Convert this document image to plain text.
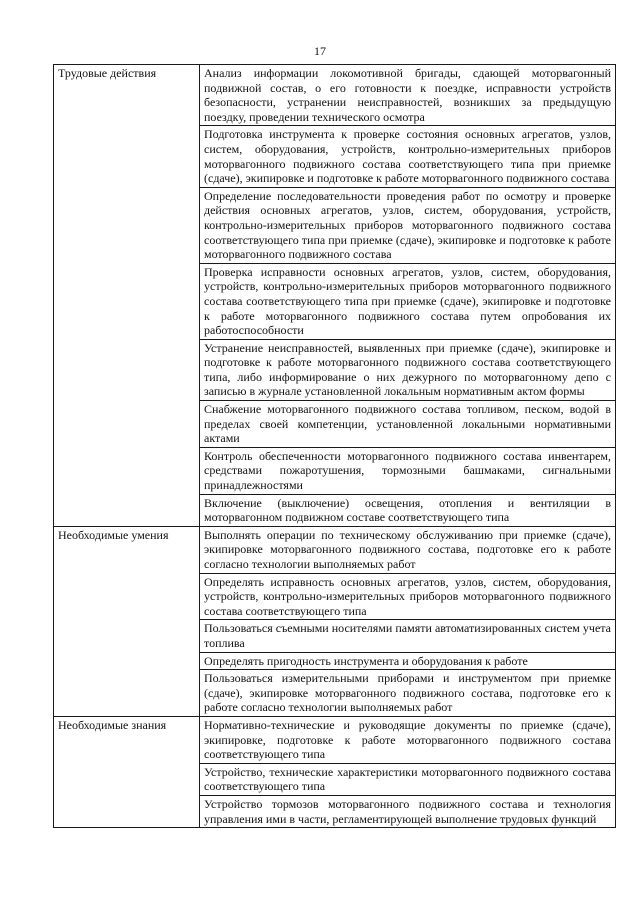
17
Трудовые действия	Анализ информации локомотивной бригады, сдающей моторвагонный подвижной состав, о его готовности к поездке, исправности устройств безопасности, устранении неисправностей, возникших за предыдущую поездку, проведении технического осмотра
	Подготовка инструмента к проверке состояния основных агрегатов, узлов, систем, оборудования, устройств, контрольно-измерительных приборов моторвагонного подвижного состава соответствующего типа при приемке (сдаче), экипировке и подготовке к работе моторвагонного подвижного состава
	Определение последовательности проведения работ по осмотру и проверке действия основных агрегатов, узлов, систем, оборудования, устройств, контрольно-измерительных приборов моторвагонного подвижного состава соответствующего типа при приемке (сдаче), экипировке и подготовке к работе моторвагонного подвижного состава
	Проверка исправности основных агрегатов, узлов, систем, оборудования, устройств, контрольно-измерительных приборов моторвагонного подвижного состава соответствующего типа при приемке (сдаче), экипировке и подготовке к работе моторвагонного подвижного состава путем опробования их работоспособности
	Устранение неисправностей, выявленных при приемке (сдаче), экипировке и подготовке к работе моторвагонного подвижного состава соответствующего типа, либо информирование о них дежурного по моторвагонному депо с записью в журнале установленной локальным нормативным актом формы
	Снабжение моторвагонного подвижного состава топливом, песком, водой в пределах своей компетенции, установленной локальными нормативными актами
	Контроль обеспеченности моторвагонного подвижного состава инвентарем, средствами пожаротушения, тормозными башмаками, сигнальными принадлежностями
	Включение (выключение) освещения, отопления и вентиляции в моторвагонном подвижном составе соответствующего типа
Необходимые умения	Выполнять операции по техническому обслуживанию при приемке (сдаче), экипировке моторвагонного подвижного состава, подготовке его к работе согласно технологии выполняемых работ
	Определять исправность основных агрегатов, узлов, систем, оборудования, устройств, контрольно-измерительных приборов моторвагонного подвижного состава соответствующего типа
	Пользоваться съемными носителями памяти автоматизированных систем учета топлива
	Определять пригодность инструмента и оборудования к работе
	Пользоваться измерительными приборами и инструментом при приемке (сдаче), экипировке моторвагонного подвижного состава, подготовке его к работе согласно технологии выполняемых работ
Необходимые знания	Нормативно-технические и руководящие документы по приемке (сдаче), экипировке, подготовке к работе моторвагонного подвижного состава соответствующего типа
	Устройство, технические характеристики моторвагонного подвижного состава соответствующего типа
	Устройство тормозов моторвагонного подвижного состава и технология управления ими в части, регламентирующей выполнение трудовых функций
